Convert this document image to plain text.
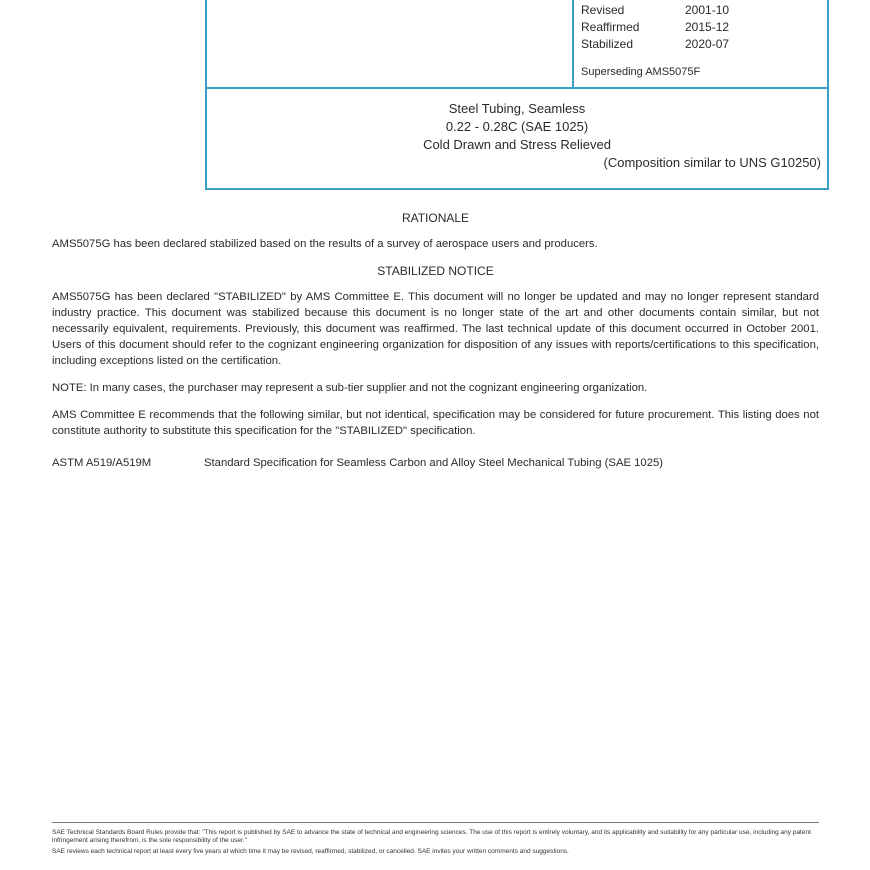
Revised	2001-10
Reaffirmed	2015-12
Stabilized	2020-07
Superseding AMS5075F
Steel Tubing, Seamless
0.22 - 0.28C (SAE 1025)
Cold Drawn and Stress Relieved
(Composition similar to UNS G10250)
RATIONALE

AMS5075G has been declared stabilized based on the results of a survey of aerospace users and producers.

STABILIZED NOTICE

AMS5075G has been declared "STABILIZED" by AMS Committee E. This document will no longer be updated and may no longer represent standard industry practice. This document was stabilized because this document is no longer state of the art and other documents contain similar, but not necessarily equivalent, requirements. Previously, this document was reaffirmed. The last technical update of this document occurred in October 2001. Users of this document should refer to the cognizant engineering organization for disposition of any issues with reports/certifications to this specification, including exceptions listed on the certification.

NOTE: In many cases, the purchaser may represent a sub-tier supplier and not the cognizant engineering organization.

AMS Committee E recommends that the following similar, but not identical, specification may be considered for future procurement. This listing does not constitute authority to substitute this specification for the "STABILIZED" specification.

ASTM A519/A519M	Standard Specification for Seamless Carbon and Alloy Steel Mechanical Tubing (SAE 1025)

SAE Technical Standards Board Rules provide that: "This report is published by SAE to advance the state of technical and engineering sciences. The use of this report is entirely voluntary, and its applicability and suitability for any particular use, including any patent infringement arising therefrom, is the sole responsibility of the user."

SAE reviews each technical report at least every five years at which time it may be revised, reaffirmed, stabilized, or cancelled. SAE invites your written comments and suggestions.
